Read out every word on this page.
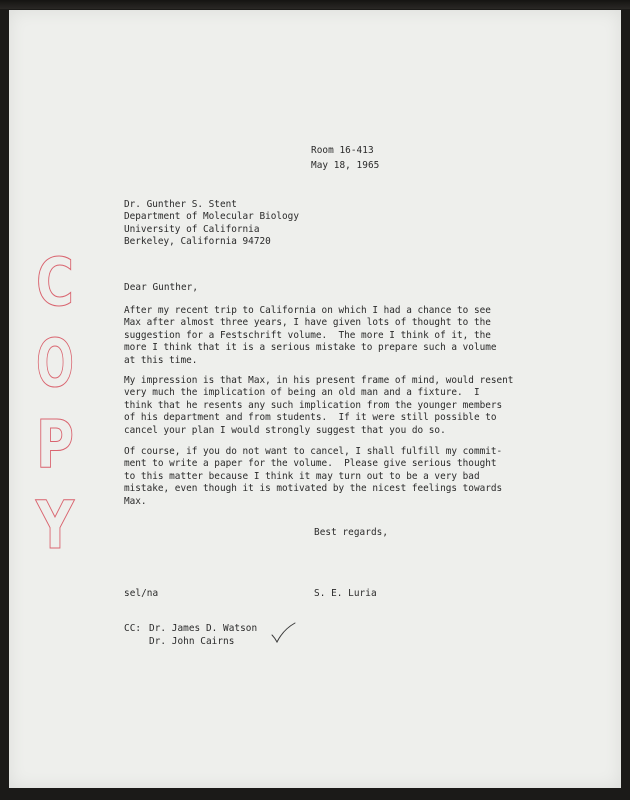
Room 16-413
May 18, 1965
Dr. Gunther S. Stent
Department of Molecular Biology
University of California
Berkeley, California 94720
C
O
P
Y
Dear Gunther,
After my recent trip to California on which I had a chance to see
Max after almost three years, I have given lots of thought to the
suggestion for a Festschrift volume.  The more I think of it, the
more I think that it is a serious mistake to prepare such a volume
at this time.
My impression is that Max, in his present frame of mind, would resent
very much the implication of being an old man and a fixture.  I
think that he resents any such implication from the younger members
of his department and from students.  If it were still possible to
cancel your plan I would strongly suggest that you do so.
Of course, if you do not want to cancel, I shall fulfill my commit-
ment to write a paper for the volume.  Please give serious thought
to this matter because I think it may turn out to be a very bad
mistake, even though it is motivated by the nicest feelings towards
Max.
Best regards,
sel/na	S. E. Luria
CC: Dr. James D. Watson
Dr. John Cairns
